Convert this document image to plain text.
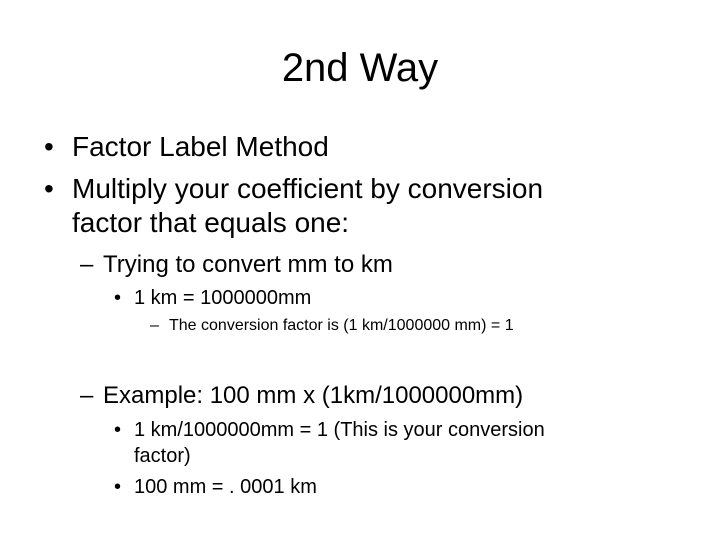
2nd Way
• Factor Label Method
• Multiply your coefficient by conversion
factor that equals one:
– Trying to convert mm to km
• 1 km = 1000000mm
– The conversion factor is (1 km/1000000 mm) = 1
– Example: 100 mm x (1km/1000000mm)
• 1 km/1000000mm = 1 (This is your conversion
factor)
• 100 mm = . 0001 km
